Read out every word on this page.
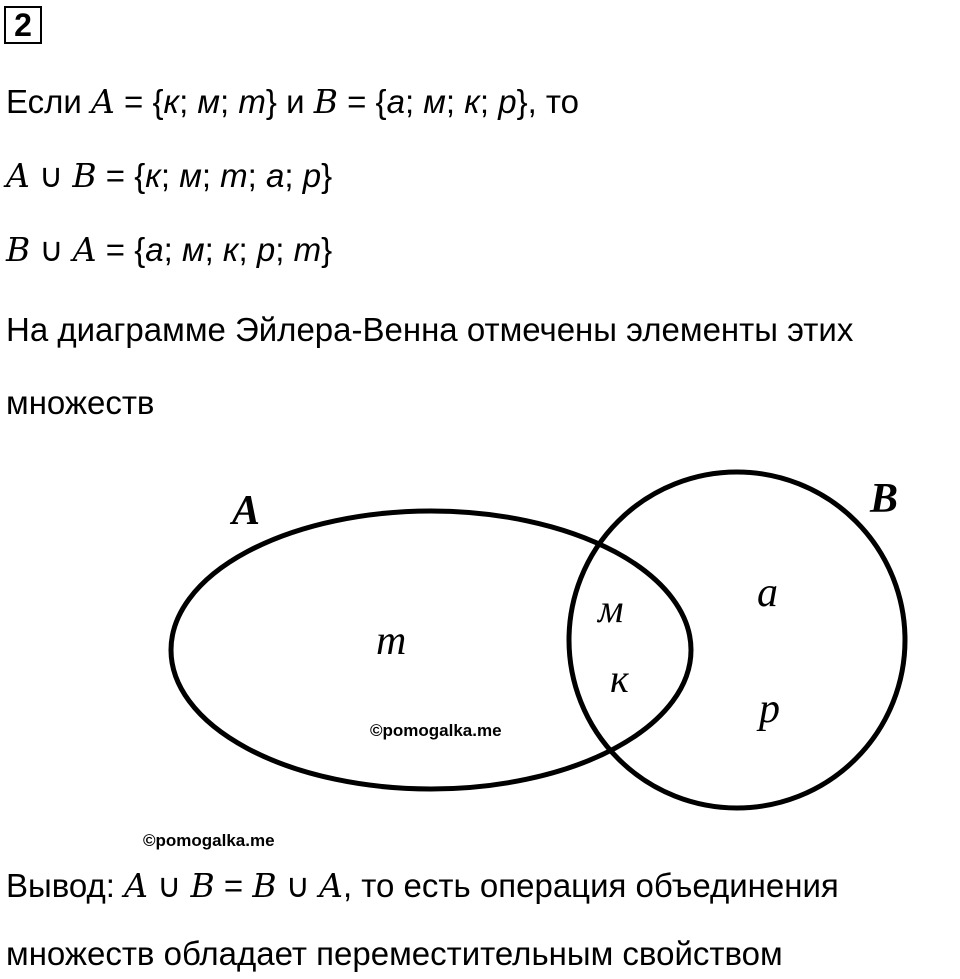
2
Если A = {к; м; m} и B = {a; м; к; p}, то
A ∪ B = {к; м; m; a; p}
B ∪ A = {a; м; к; p; m}
На диаграмме Эйлера-Венна отмечены элементы этих
множеств
A	B
m
м
к
a
p
©pomogalka.me
©pomogalka.me
Вывод: A ∪ B = B ∪ A, то есть операция объединения
множеств обладает переместительным свойством
